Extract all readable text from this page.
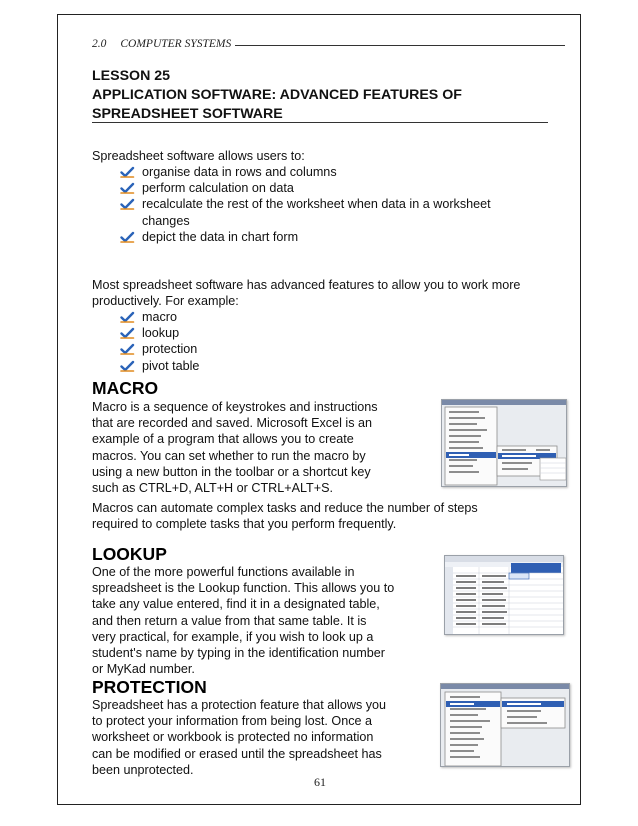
2.0 COMPUTER SYSTEMS
LESSON 25
APPLICATION SOFTWARE: ADVANCED FEATURES OF
SPREADSHEET SOFTWARE
Spreadsheet software allows users to:
organise data in rows and columns
perform calculation on data
recalculate the rest of the worksheet when data in a worksheet
changes
depict the data in chart form
Most spreadsheet software has advanced features to allow you to work more
productively. For example:
macro
lookup
protection
pivot table
MACRO
Macro is a sequence of keystrokes and instructions
that are recorded and saved. Microsoft Excel is an
example of a program that allows you to create
macros. You can set whether to run the macro by
using a new button in the toolbar or a shortcut key
such as CTRL+D, ALT+H or CTRL+ALT+S.
Macros can automate complex tasks and reduce the number of steps
required to complete tasks that you perform frequently.
LOOKUP
One of the more powerful functions available in
spreadsheet is the Lookup function. This allows you to
take any value entered, find it in a designated table,
and then return a value from that same table. It is
very practical, for example, if you wish to look up a
student's name by typing in the identification number
or MyKad number.
PROTECTION
Spreadsheet has a protection feature that allows you
to protect your information from being lost. Once a
worksheet or workbook is protected no information
can be modified or erased until the spreadsheet has
been unprotected.
61
